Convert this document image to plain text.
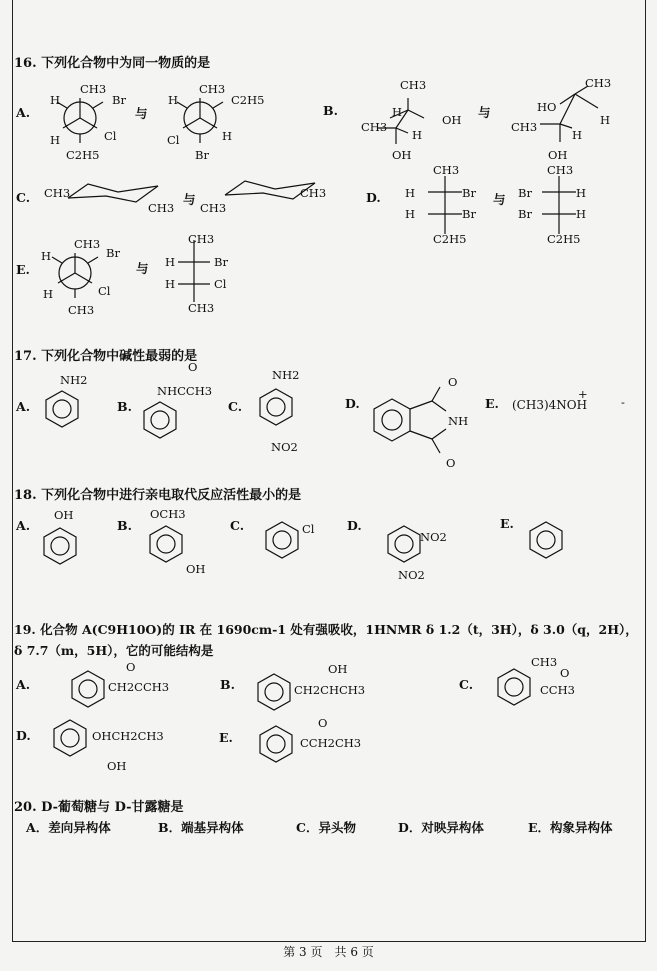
16. 下列化合物中为同一物质的是
A.
CH3
Br
H
H	Cl
C2H5
与
CH3
C2H5
H
Cl	H
Br
B.
CH3
OH
CH3
H
H
OH
与
CH3
HO
H
CH3
H
OH
C. CH3
CH3
与
CH3
CH3	D.
CH3
H	Br
H	Br
C2H5
与
CH3
Br	H
Br	H
C2H5
E.
CH3
H	Br
H	Cl
CH3
与
CH3
H	Br
H	Cl
CH3
17. 下列化合物中碱性最弱的是
A.
NH2
B.
O
NHCCH3
C.
NH2
NO2
D.
O
NH
O
E.
+
(CH3)4NOH	-
18. 下列化合物中进行亲电取代反应活性最小的是
A.
OH
B.
OCH3
OH
C.	Cl	D.
NO2
NO2
E.
19. 化合物 A(C9H10O)的 IR 在 1690cm-1 处有强吸收，1HNMR δ 1.2（t，3H），δ 3.0（q，2H），
δ 7.7（m，5H），它的可能结构是
A.
O
CH2CCH3	B.
OH
CH2CHCH3	C.
CH3
O
CCH3
D.	OHCH2CH3
OH
E.
O
CCH2CH3
20. D-葡萄糖与 D-甘露糖是
A．差向异构体	B．端基异构体	C．异头物	D．对映异构体	E．构象异构体
第 3 页　共 6 页
